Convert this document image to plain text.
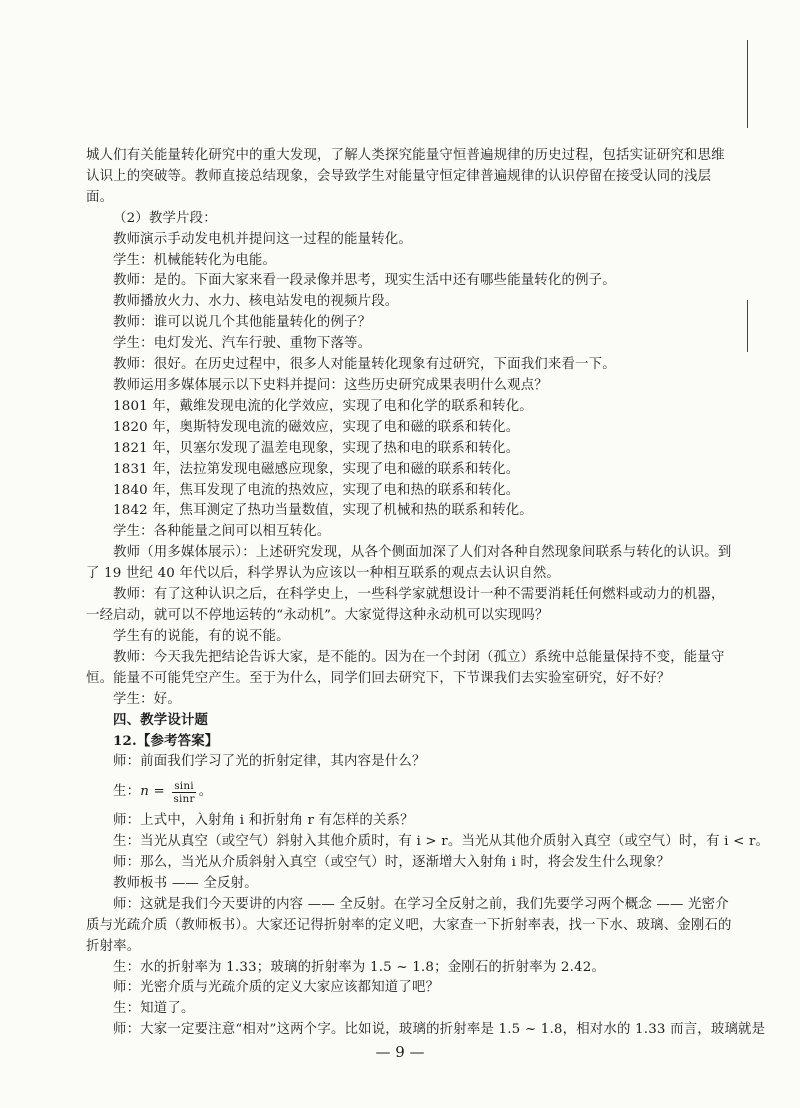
城人们有关能量转化研究中的重大发现，了解人类探究能量守恒普遍规律的历史过程，包括实证研究和思维认识上的突破等。教师直接总结现象，会导致学生对能量守恒定律普遍规律的认识停留在接受认同的浅层面。

（2）教学片段：

教师演示手动发电机并提问这一过程的能量转化。

学生：机械能转化为电能。

教师：是的。下面大家来看一段录像并思考，现实生活中还有哪些能量转化的例子。

教师播放火力、水力、核电站发电的视频片段。

教师：谁可以说几个其他能量转化的例子？

学生：电灯发光、汽车行驶、重物下落等。

教师：很好。在历史过程中，很多人对能量转化现象有过研究，下面我们来看一下。

教师运用多媒体展示以下史料并提问：这些历史研究成果表明什么观点？

1801 年，戴维发现电流的化学效应，实现了电和化学的联系和转化。

1820 年，奥斯特发现电流的磁效应，实现了电和磁的联系和转化。

1821 年，贝塞尔发现了温差电现象，实现了热和电的联系和转化。

1831 年，法拉第发现电磁感应现象，实现了电和磁的联系和转化。

1840 年，焦耳发现了电流的热效应，实现了电和热的联系和转化。

1842 年，焦耳测定了热功当量数值，实现了机械和热的联系和转化。

学生：各种能量之间可以相互转化。

教师（用多媒体展示）：上述研究发现，从各个侧面加深了人们对各种自然现象间联系与转化的认识。到了 19 世纪 40 年代以后，科学界认为应该以一种相互联系的观点去认识自然。

教师：有了这种认识之后，在科学史上，一些科学家就想设计一种不需要消耗任何燃料或动力的机器，一经启动，就可以不停地运转的“永动机”。大家觉得这种永动机可以实现吗？

学生有的说能，有的说不能。

教师：今天我先把结论告诉大家，是不能的。因为在一个封闭（孤立）系统中总能量保持不变，能量守恒。能量不可能凭空产生。至于为什么，同学们回去研究下，下节课我们去实验室研究，好不好？

学生：好。

四、教学设计题

12.【参考答案】

师：前面我们学习了光的折射定律，其内容是什么？

生： $n = \frac{\sin i}{\sin r}$ 。

师：上式中，入射角 i 和折射角 r 有怎样的关系？

生：当光从真空（或空气）斜射入其他介质时，有 i > r。当光从其他介质射入真空（或空气）时，有 i < r。

师：那么，当光从介质斜射入真空（或空气）时，逐渐增大入射角 i 时，将会发生什么现象？

教师板书 —— 全反射。

师：这就是我们今天要讲的内容 —— 全反射。在学习全反射之前，我们先要学习两个概念 —— 光密介质与光疏介质（教师板书）。大家还记得折射率的定义吧，大家查一下折射率表，找一下水、玻璃、金刚石的折射率。

生：水的折射率为 1.33；玻璃的折射率为 1.5 ~ 1.8；金刚石的折射率为 2.42。

师：光密介质与光疏介质的定义大家应该都知道了吧？

生：知道了。

师：大家一定要注意“相对”这两个字。比如说，玻璃的折射率是 1.5 ~ 1.8，相对水的 1.33 而言，玻璃就是

— 9 —
